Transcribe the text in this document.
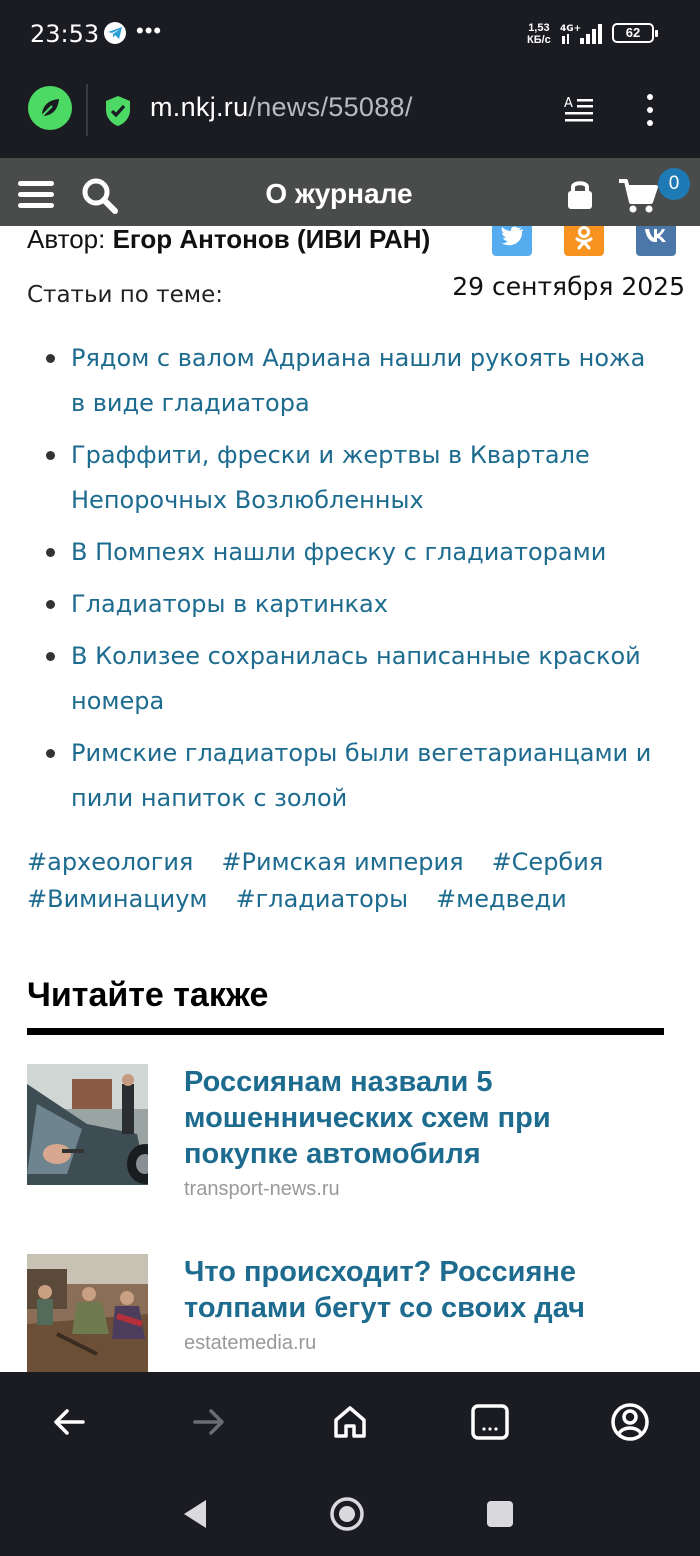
23:53 •••	1,53
КБ/с
4G+	62
m.nkj.ru/news/55088/	A
О журнале	0
Автор: Егор Антонов (ИВИ РАН)
29 сентября 2025
Статьи по теме:
Рядом с валом Адриана нашли рукоять ножа в виде гладиатора
Граффити, фрески и жертвы в Квартале Непорочных Возлюбленных
В Помпеях нашли фреску с гладиаторами
Гладиаторы в картинках
В Колизее сохранилась написанные краской номера
Римские гладиаторы были вегетарианцами и пили напиток с золой
#археология #Римская империя #Сербия#Виминациум #гладиаторы #медведи
Читайте также
Россиянам назвали 5 мошеннических схем при покупке автомобиля
transport-news.ru
Что происходит? Россияне толпами бегут со своих дач
estatemedia.ru
